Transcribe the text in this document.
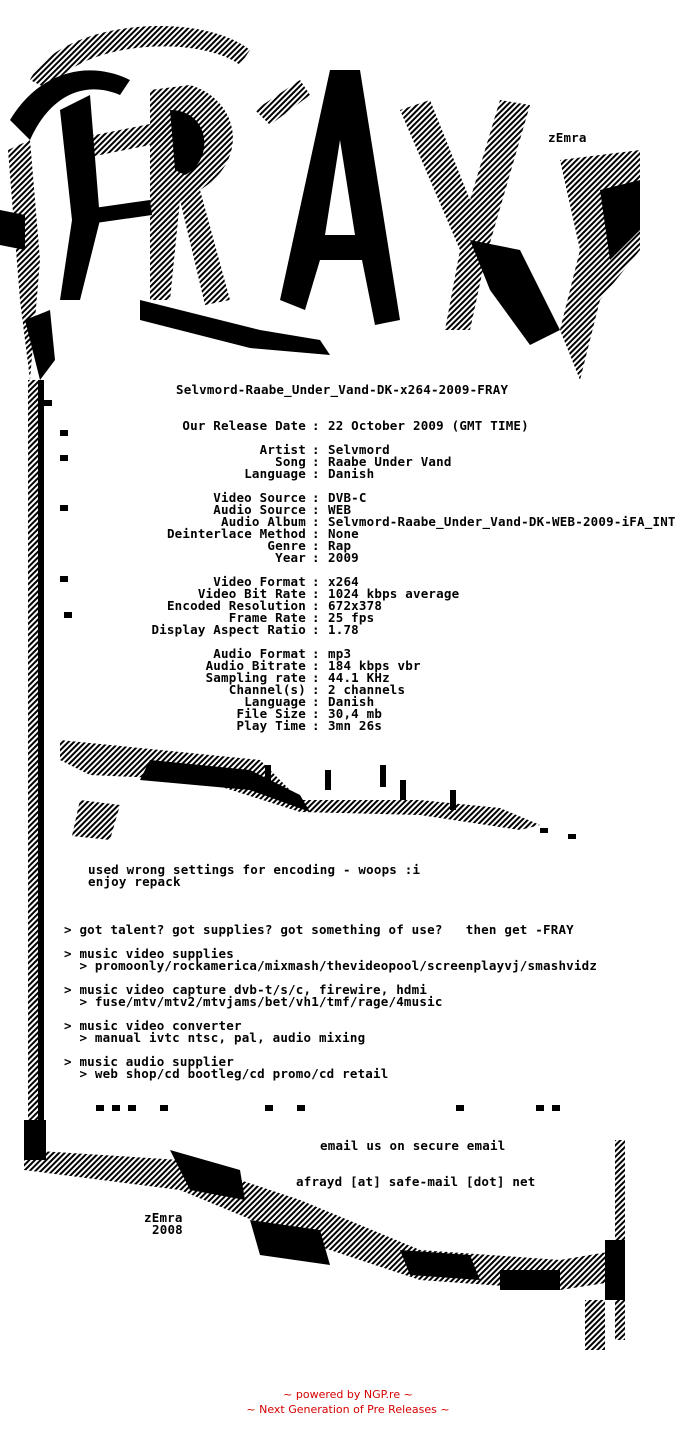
zEmra
Selvmord-Raabe_Under_Vand-DK-x264-2009-FRAY
Our Release Date : 22 October 2009 (GMT TIME)
Artist : Selvmord
Song : Raabe Under Vand
Language : Danish
Video Source : DVB-C
Audio Source : WEB
Audio Album : Selvmord-Raabe_Under_Vand-DK-WEB-2009-iFA_INT
Deinterlace Method : None
Genre : Rap
Year : 2009
Video Format : x264
Video Bit Rate : 1024 kbps average
Encoded Resolution : 672x378
Frame Rate : 25 fps
Display Aspect Ratio : 1.78
Audio Format : mp3
Audio Bitrate : 184 kbps vbr
Sampling rate : 44.1 KHz
Channel(s) : 2 channels
Language : Danish
File Size : 30,4 mb
Play Time : 3mn 26s
used wrong settings for encoding - woops :i
enjoy repack
> got talent? got supplies? got something of use?   then get -FRAY
> music video supplies
> promoonly/rockamerica/mixmash/thevideopool/screenplayvj/smashvidz
> music video capture dvb-t/s/c, firewire, hdmi
> fuse/mtv/mtv2/mtvjams/bet/vh1/tmf/rage/4music
> music video converter
> manual ivtc ntsc, pal, audio mixing
> music audio supplier
> web shop/cd bootleg/cd promo/cd retail
email us on secure email
afrayd [at] safe-mail [dot] net
zEmra
2008
~ powered by NGP.re ~
~ Next Generation of Pre Releases ~
